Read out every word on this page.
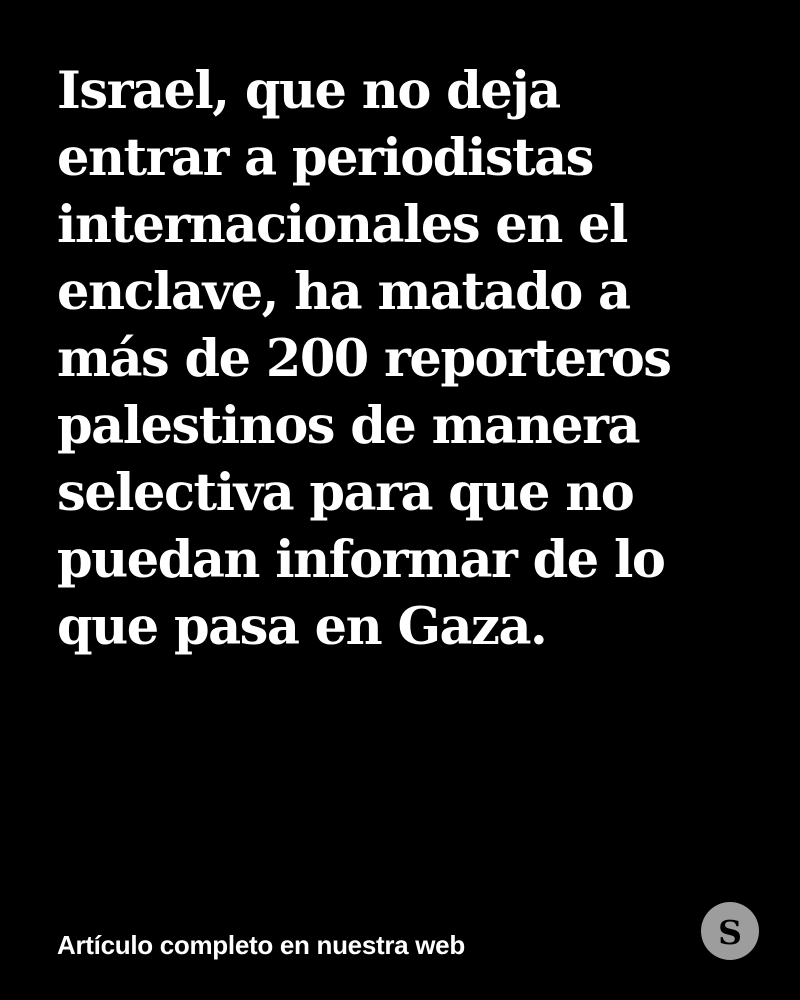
Israel, que no deja
entrar a periodistas
internacionales en el
enclave, ha matado a
más de 200 reporteros
palestinos de manera
selectiva para que no
puedan informar de lo
que pasa en Gaza.

Artículo completo en nuestra web	S
